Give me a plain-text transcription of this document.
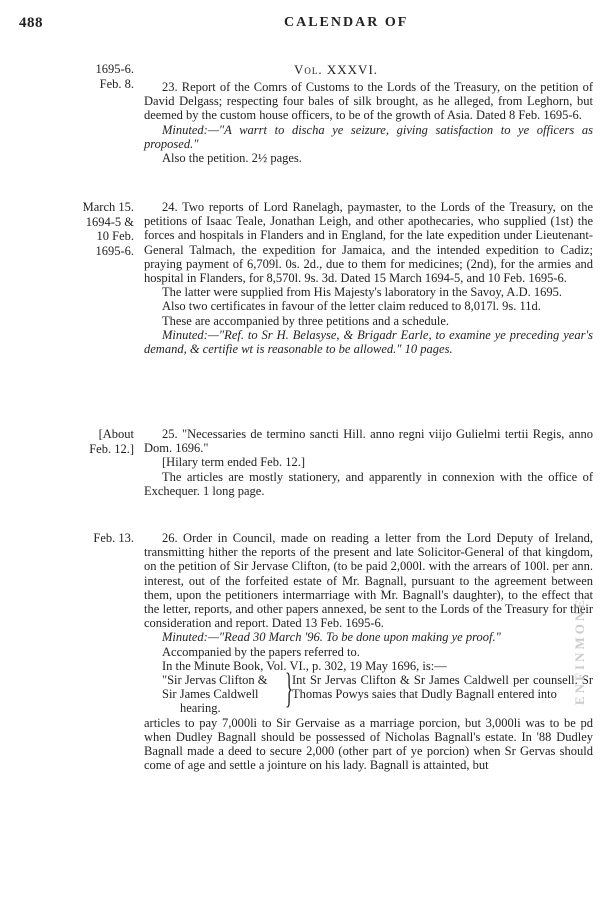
488	CALENDAR OF
Vol. XXXVI.
1695-6.
Feb. 8.	23. Report of the Comrs of Customs to the Lords of the Treasury, on the petition of David Delgass; respecting four bales of silk brought, as he alleged, from Leghorn, but deemed by the custom house officers, to be of the growth of Asia. Dated 8 Feb. 1695-6.

Minuted:—"A warrt to discha ye seizure, giving satisfaction to ye officers as proposed."

Also the petition. 2½ pages.

March 15.
1694-5 &
10 Feb.
1695-6.

24. Two reports of Lord Ranelagh, paymaster, to the Lords of the Treasury, on the petitions of Isaac Teale, Jonathan Leigh, and other apothecaries, who supplied (1st) the forces and hospitals in Flanders and in England, for the late expedition under Lieutenant-General Talmach, the expedition for Jamaica, and the intended expedition to Cadiz; praying payment of 6,709l. 0s. 2d., due to them for medicines; (2nd), for the armies and hospital in Flanders, for 8,570l. 9s. 3d. Dated 15 March 1694-5, and 10 Feb. 1695-6.

The latter were supplied from His Majesty's laboratory in the Savoy, A.D. 1695.

Also two certificates in favour of the letter claim reduced to 8,017l. 9s. 11d.

These are accompanied by three petitions and a schedule.

Minuted:—"Ref. to Sr H. Belasyse, & Brigadr Earle, to examine ye preceding year's demand, & certifie wt is reasonable to be allowed." 10 pages.

[About
Feb. 12.]

25. "Necessaries de termino sancti Hill. anno regni viijo Gulielmi tertii Regis, anno Dom. 1696."

[Hilary term ended Feb. 12.]

The articles are mostly stationery, and apparently in connexion with the office of Exchequer. 1 long page.

Feb. 13.	26. Order in Council, made on reading a letter from the Lord Deputy of Ireland, transmitting hither the reports of the present and late Solicitor-General of that kingdom, on the petition of Sir Jervase Clifton, (to be paid 2,000l. with the arrears of 100l. per ann. interest, out of the forfeited estate of Mr. Bagnall, pursuant to the agreement between them, upon the petitioners intermarriage with Mr. Bagnall's daughter), to the effect that the letter, reports, and other papers annexed, be sent to the Lords of the Treasury for their consideration and report. Dated 13 Feb. 1695-6.

Minuted:—"Read 30 March '96. To be done upon making ye proof."

Accompanied by the papers referred to.

In the Minute Book, Vol. VI., p. 302, 19 May 1696, is:—

"Sir Jervas Clifton &
Sir James Caldwell
hearing.	}
Int Sr Jervas Clifton & Sr James Caldwell per counsell. Sr Thomas Powys saies that Dudly Bagnall entered into

articles to pay 7,000li to Sir Gervaise as a marriage porcion, but 3,000li was to be pd when Dudley Bagnall should be possessed of Nicholas Bagnall's estate. In '88 Dudley Bagnall made a deed to secure 2,000 (other part of ye porcion) when Sr Gervas should come of age and settle a jointure on his lady. Bagnall is attainted, but

ENFINMONE
